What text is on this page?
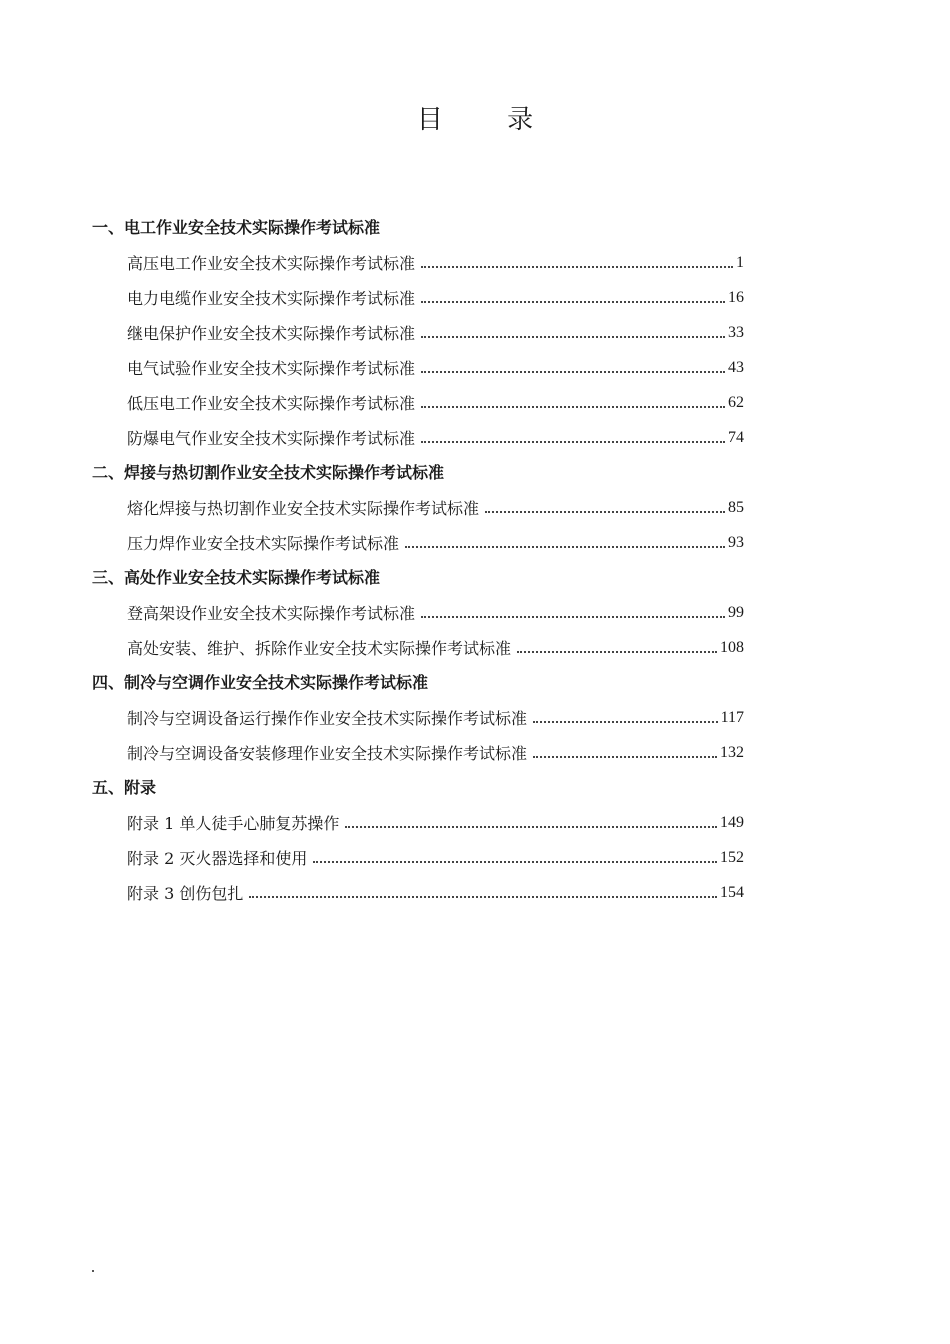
目 录
一、电工作业安全技术实际操作考试标准
高压电工作业安全技术实际操作考试标准	1
电力电缆作业安全技术实际操作考试标准	16
继电保护作业安全技术实际操作考试标准	33
电气试验作业安全技术实际操作考试标准	43
低压电工作业安全技术实际操作考试标准	62
防爆电气作业安全技术实际操作考试标准	74
二、焊接与热切割作业安全技术实际操作考试标准
熔化焊接与热切割作业安全技术实际操作考试标准	85
压力焊作业安全技术实际操作考试标准	93
三、高处作业安全技术实际操作考试标准
登高架设作业安全技术实际操作考试标准	99
高处安装、维护、拆除作业安全技术实际操作考试标准	108
四、制冷与空调作业安全技术实际操作考试标准
制冷与空调设备运行操作作业安全技术实际操作考试标准	117
制冷与空调设备安装修理作业安全技术实际操作考试标准	132
五、附录
附录 1 单人徒手心肺复苏操作	149
附录 2 灭火器选择和使用	152
附录 3 创伤包扎	154
